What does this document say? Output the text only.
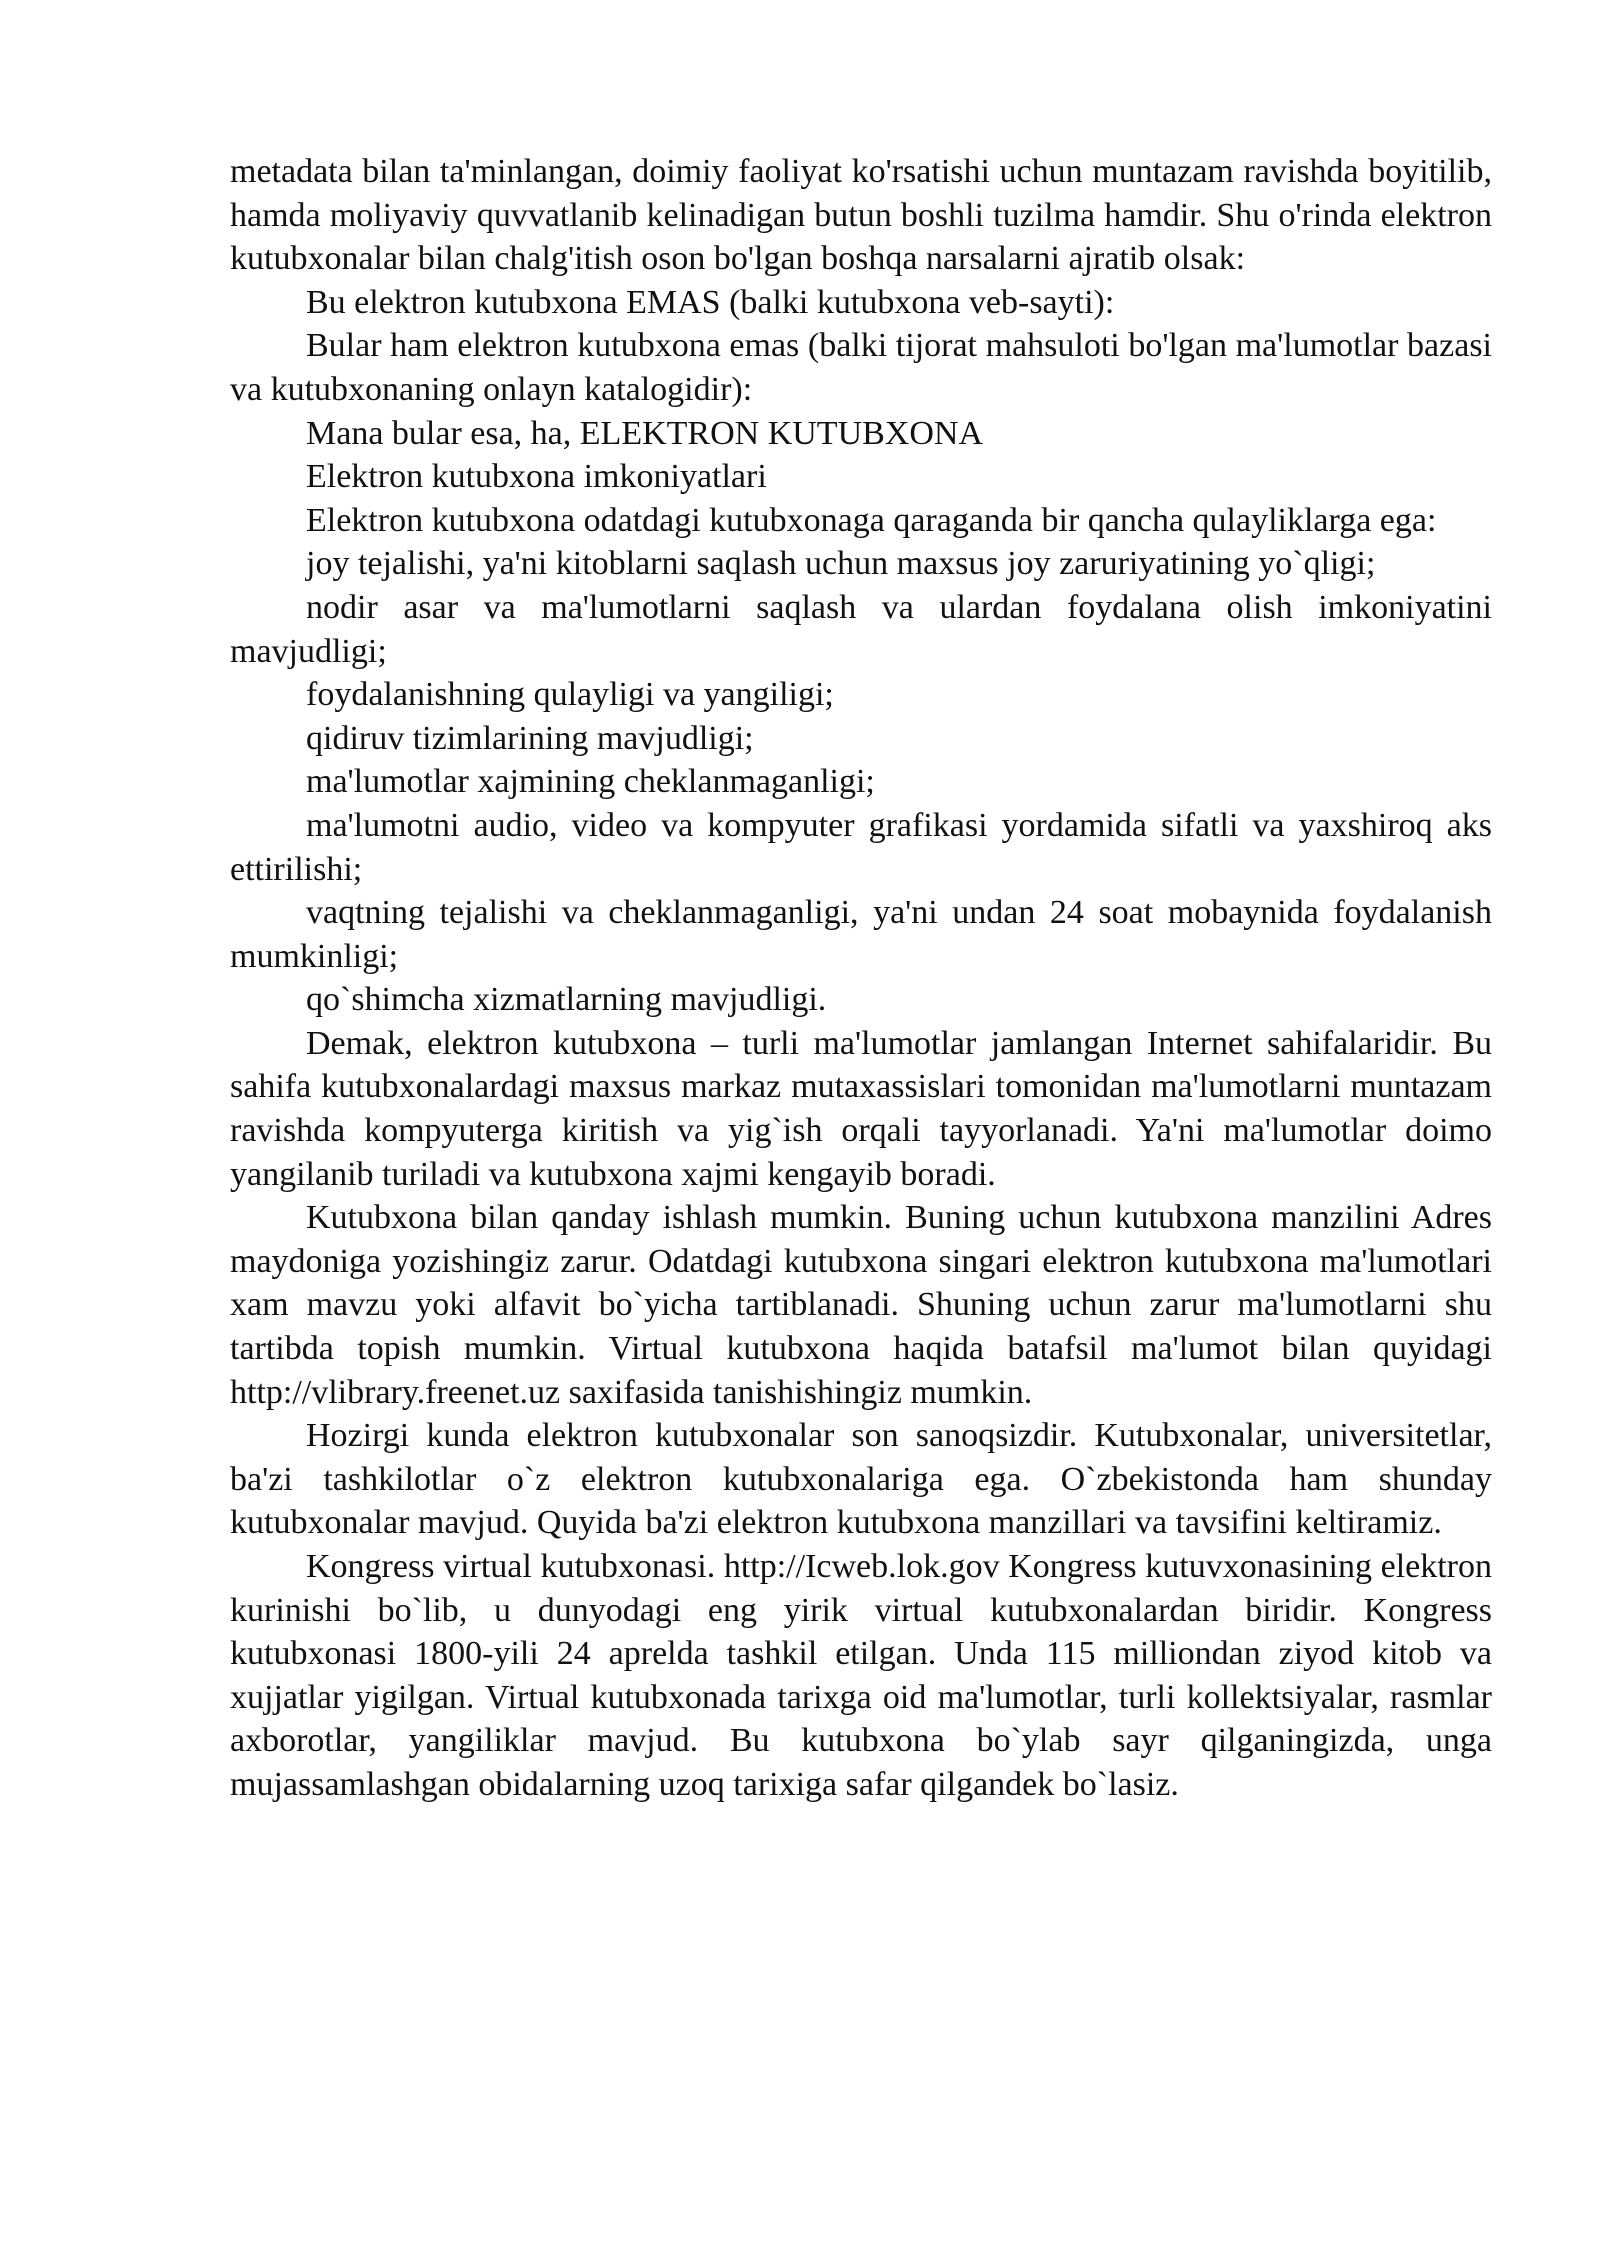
metadata bilan ta'minlangan, doimiy faoliyat ko'rsatishi uchun muntazam ravishda boyitilib, hamda moliyaviy quvvatlanib kelinadigan butun boshli tuzilma hamdir. Shu o'rinda elektron kutubxonalar bilan chalg'itish oson bo'lgan boshqa narsalarni ajratib olsak:

Bu elektron kutubxona EMAS (balki kutubxona veb-sayti):

Bular ham elektron kutubxona emas (balki tijorat mahsuloti bo'lgan ma'lumotlar bazasi va kutubxonaning onlayn katalogidir):

Mana bular esa, ha, ELEKTRON KUTUBXONA

Elektron kutubxona imkoniyatlari

Elektron kutubxona odatdagi kutubxonaga qaraganda bir qancha qulayliklarga ega:

joy tejalishi, ya'ni kitoblarni saqlash uchun maxsus joy zaruriyatining yo`qligi;

nodir asar va ma'lumotlarni saqlash va ulardan foydalana olish imkoniyatini mavjudligi;

foydalanishning qulayligi va yangiligi;

qidiruv tizimlarining mavjudligi;

ma'lumotlar xajmining cheklanmaganligi;

ma'lumotni audio, video va kompyuter grafikasi yordamida sifatli va yaxshiroq aks ettirilishi;

vaqtning tejalishi va cheklanmaganligi, ya'ni undan 24 soat mobaynida foydalanish mumkinligi;

qo`shimcha xizmatlarning mavjudligi.

Demak, elektron kutubxona – turli ma'lumotlar jamlangan Internet sahifalaridir. Bu sahifa kutubxonalardagi maxsus markaz mutaxassislari tomonidan ma'lumotlarni muntazam ravishda kompyuterga kiritish va yig`ish orqali tayyorlanadi. Ya'ni ma'lumotlar doimo yangilanib turiladi va kutubxona xajmi kengayib boradi.

Kutubxona bilan qanday ishlash mumkin. Buning uchun kutubxona manzilini Adres maydoniga yozishingiz zarur. Odatdagi kutubxona singari elektron kutubxona ma'lumotlari xam mavzu yoki alfavit bo`yicha tartiblanadi. Shuning uchun zarur ma'lumotlarni shu tartibda topish mumkin. Virtual kutubxona haqida batafsil ma'lumot bilan quyidagi http://vlibrary.freenet.uz saxifasida tanishishingiz mumkin.

Hozirgi kunda elektron kutubxonalar son sanoqsizdir. Kutubxonalar, universitetlar, ba'zi tashkilotlar o`z elektron kutubxonalariga ega. O`zbekistonda ham shunday kutubxonalar mavjud. Quyida ba'zi elektron kutubxona manzillari va tavsifini keltiramiz.

Kongress virtual kutubxonasi. http://Icweb.lok.gov Kongress kutuvxonasining elektron kurinishi bo`lib, u dunyodagi eng yirik virtual kutubxonalardan biridir. Kongress kutubxonasi 1800-yili 24 aprelda tashkil etilgan. Unda 115 milliondan ziyod kitob va xujjatlar yigilgan. Virtual kutubxonada tarixga oid ma'lumotlar, turli kollektsiyalar, rasmlar axborotlar, yangiliklar mavjud. Bu kutubxona bo`ylab sayr qilganingizda, unga mujassamlashgan obidalarning uzoq tarixiga safar qilgandek bo`lasiz.
